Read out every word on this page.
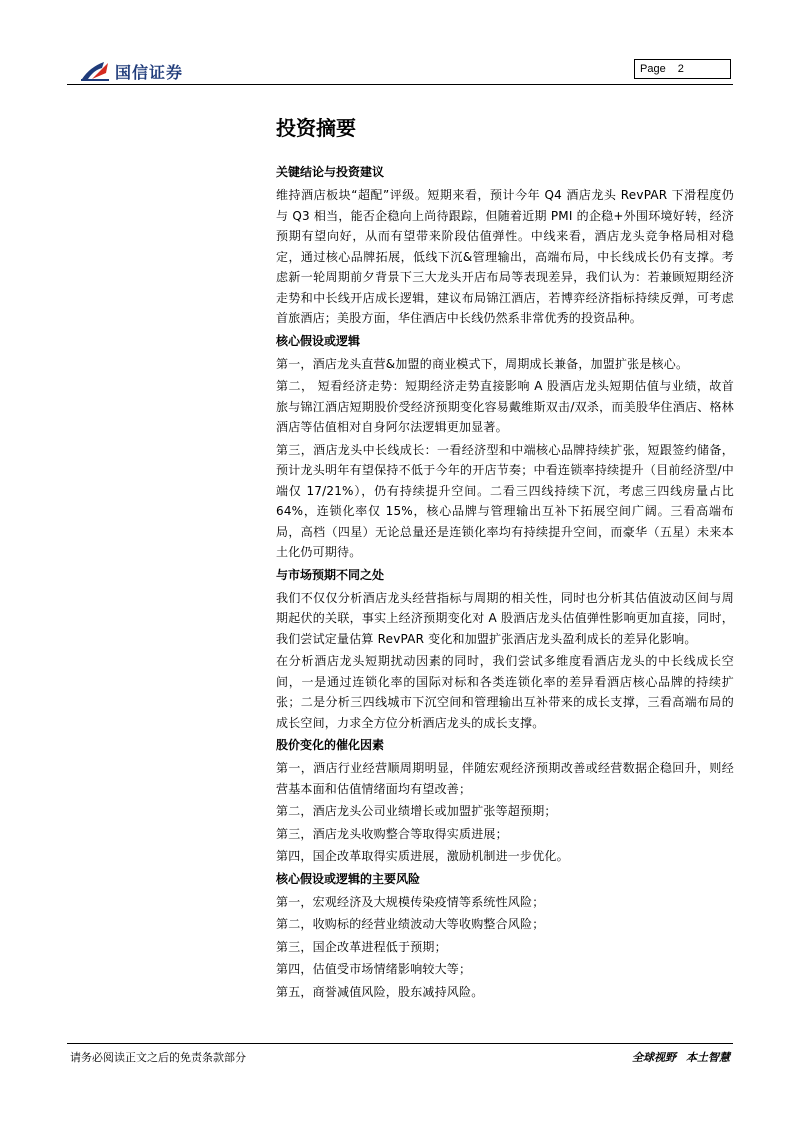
国信证券	Page 2
投资摘要
关键结论与投资建议
维持酒店板块“超配”评级。短期来看，预计今年 Q4 酒店龙头 RevPAR 下滑程度仍与 Q3 相当，能否企稳向上尚待跟踪，但随着近期 PMI 的企稳+外围环境好转，经济预期有望向好，从而有望带来阶段估值弹性。中线来看，酒店龙头竞争格局相对稳定，通过核心品牌拓展，低线下沉&管理输出，高端布局，中长线成长仍有支撑。考虑新一轮周期前夕背景下三大龙头开店布局等表现差异，我们认为：若兼顾短期经济走势和中长线开店成长逻辑，建议布局锦江酒店，若博弈经济指标持续反弹，可考虑首旅酒店；美股方面，华住酒店中长线仍然系非常优秀的投资品种。
核心假设或逻辑
第一，酒店龙头直营&加盟的商业模式下，周期成长兼备，加盟扩张是核心。
第二， 短看经济走势：短期经济走势直接影响 A 股酒店龙头短期估值与业绩，故首旅与锦江酒店短期股价受经济预期变化容易戴维斯双击/双杀，而美股华住酒店、格林酒店等估值相对自身阿尔法逻辑更加显著。
第三，酒店龙头中长线成长：一看经济型和中端核心品牌持续扩张，短跟签约储备，预计龙头明年有望保持不低于今年的开店节奏；中看连锁率持续提升（目前经济型/中端仅 17/21%），仍有持续提升空间。二看三四线持续下沉，考虑三四线房量占比 64%，连锁化率仅 15%，核心品牌与管理输出互补下拓展空间广阔。三看高端布局，高档（四星）无论总量还是连锁化率均有持续提升空间，而豪华（五星）未来本土化仍可期待。
与市场预期不同之处
我们不仅仅分析酒店龙头经营指标与周期的相关性，同时也分析其估值波动区间与周期起伏的关联，事实上经济预期变化对 A 股酒店龙头估值弹性影响更加直接，同时，我们尝试定量估算 RevPAR 变化和加盟扩张酒店龙头盈利成长的差异化影响。
在分析酒店龙头短期扰动因素的同时，我们尝试多维度看酒店龙头的中长线成长空间，一是通过连锁化率的国际对标和各类连锁化率的差异看酒店核心品牌的持续扩张；二是分析三四线城市下沉空间和管理输出互补带来的成长支撑，三看高端布局的成长空间，力求全方位分析酒店龙头的成长支撑。
股价变化的催化因素
第一，酒店行业经营顺周期明显，伴随宏观经济预期改善或经营数据企稳回升，则经营基本面和估值情绪面均有望改善；
第二，酒店龙头公司业绩增长或加盟扩张等超预期；
第三，酒店龙头收购整合等取得实质进展；
第四，国企改革取得实质进展，激励机制进一步优化。
核心假设或逻辑的主要风险
第一，宏观经济及大规模传染疫情等系统性风险；
第二，收购标的经营业绩波动大等收购整合风险；
第三，国企改革进程低于预期；
第四，估值受市场情绪影响较大等；
第五，商誉减值风险，股东减持风险。
请务必阅读正文之后的免责条款部分	全球视野 本土智慧
